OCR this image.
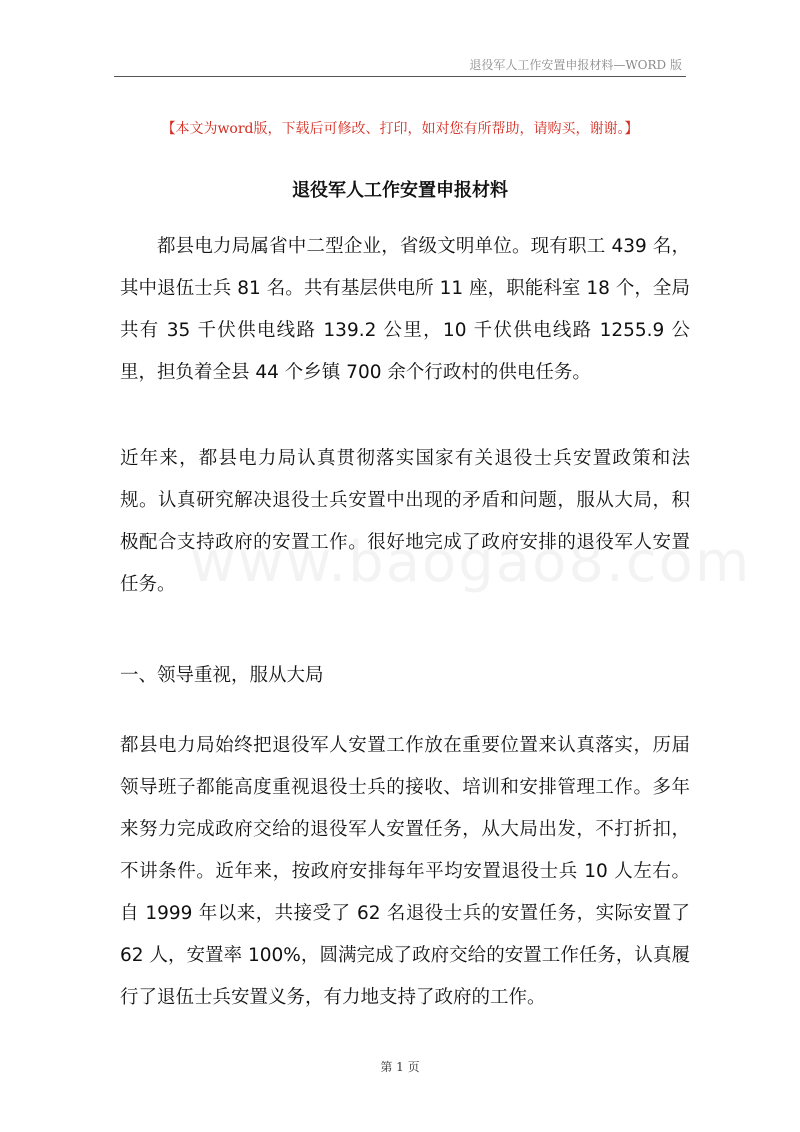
退役军人工作安置申报材料—WORD 版
【本文为word版，下载后可修改、打印，如对您有所帮助，请购买，谢谢。】
退役军人工作安置申报材料

都县电力局属省中二型企业，省级文明单位。现有职工 439 名，其中退伍士兵 81 名。共有基层供电所 11 座，职能科室 18 个，全局共有 35 千伏供电线路 139.2 公里，10 千伏供电线路 1255.9 公里，担负着全县 44 个乡镇 700 余个行政村的供电任务。

近年来，都县电力局认真贯彻落实国家有关退役士兵安置政策和法规。认真研究解决退役士兵安置中出现的矛盾和问题，服从大局，积极配合支持政府的安置工作。很好地完成了政府安排的退役军人安置任务。

一、领导重视，服从大局

都县电力局始终把退役军人安置工作放在重要位置来认真落实，历届领导班子都能高度重视退役士兵的接收、培训和安排管理工作。多年来努力完成政府交给的退役军人安置任务，从大局出发，不打折扣，不讲条件。近年来，按政府安排每年平均安置退役士兵 10 人左右。自 1999 年以来，共接受了 62 名退役士兵的安置任务，实际安置了 62 人，安置率 100%，圆满完成了政府交给的安置工作任务，认真履行了退伍士兵安置义务，有力地支持了政府的工作。

第 1 页
